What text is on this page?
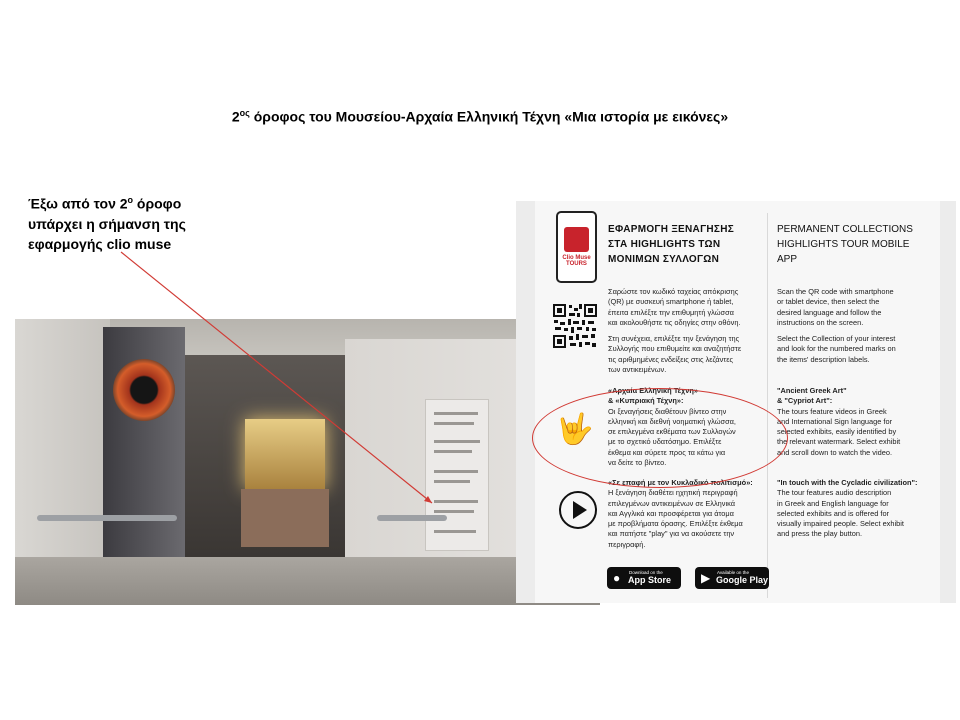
$2^{o\varsigma}$ όροφος του Μουσείου-Αρχαία Ελληνική Τέχνη «Μια ιστορία με εικόνες»
Έξω από τον $2^o$ όροφο
υπάρχει η σήμανση της
εφαρμογής clio muse
Clio Muse
TOURS
🤟
ΕΦΑΡΜΟΓΗ ΞΕΝΑΓΗΣΗΣ
ΣΤΑ HIGHLIGHTS ΤΩΝ
ΜΟΝΙΜΩΝ ΣΥΛΛΟΓΩΝ
PERMANENT COLLECTIONS
HIGHLIGHTS TOUR MOBILE
APP
Σαρώστε τον κωδικό ταχείας απόκρισης
(QR) με συσκευή smartphone ή tablet,
έπειτα επιλέξτε την επιθυμητή γλώσσα
και ακολουθήστε τις οδηγίες στην οθόνη.
Scan the QR code with smartphone
or tablet device, then select the
desired language and follow the
instructions on the screen.
Στη συνέχεια, επιλέξτε την ξενάγηση της
Συλλογής που επιθυμείτε και αναζητήστε
τις αριθμημένες ενδείξεις στις λεζάντες
των αντικειμένων.
Select the Collection of your interest
and look for the numbered marks on
the items' description labels.
«Αρχαία Ελληνική Τέχνη»
& «Κυπριακή Τέχνη»:
Οι ξεναγήσεις διαθέτουν βίντεο στην
ελληνική και διεθνή νοηματική γλώσσα,
σε επιλεγμένα εκθέματα των Συλλογών
με το σχετικό υδατόσημο. Επιλέξτε
έκθεμα και σύρετε προς τα κάτω για
να δείτε το βίντεο.
"Ancient Greek Art"
& "Cypriot Art":
The tours feature videos in Greek
and International Sign language for
selected exhibits, easily identified by
the relevant watermark. Select exhibit
and scroll down to watch the video.
«Σε επαφή με τον Κυκλαδικό πολιτισμό»:
Η ξενάγηση διαθέτει ηχητική περιγραφή
επιλεγμένων αντικειμένων σε Ελληνικά
και Αγγλικά και προσφέρεται για άτομα
με προβλήματα όρασης. Επιλέξτε έκθεμα
και πατήστε "play" για να ακούσετε την
περιγραφή.
"In touch with the Cycladic civilization":
The tour features audio description
in Greek and English language for
selected exhibits and is offered for
visually impaired people. Select exhibit
and press the play button.
● Download on the
App Store ▶ Available on the
Google Play
